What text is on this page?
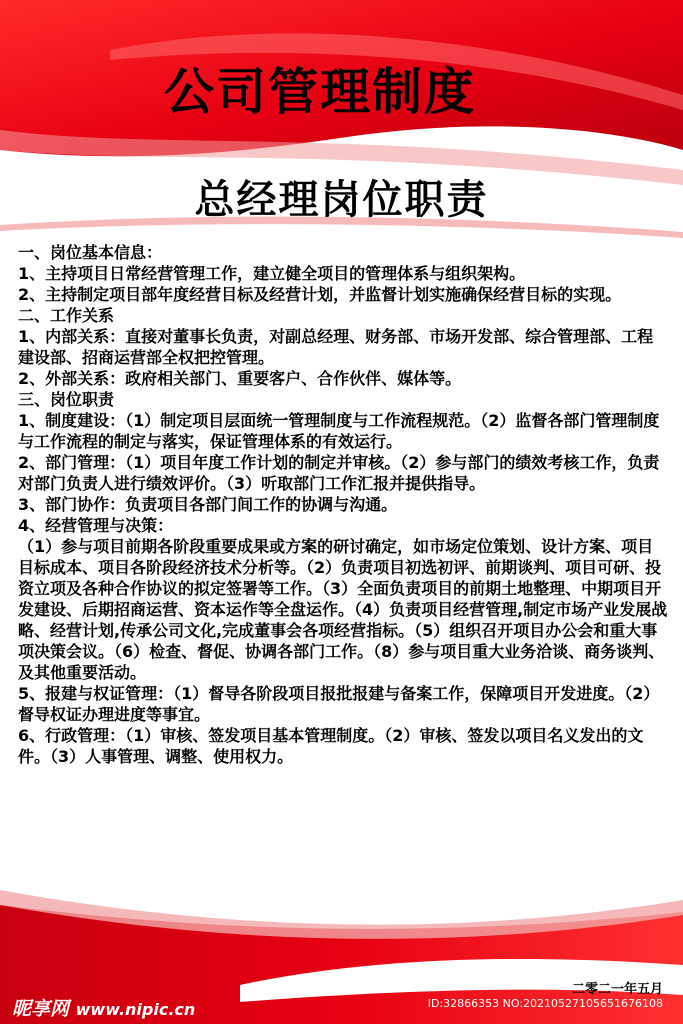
公司管理制度
总经理岗位职责

一、岗位基本信息：

1、主持项目日常经营管理工作，建立健全项目的管理体系与组织架构。

2、主持制定项目部年度经营目标及经营计划，并监督计划实施确保经营目标的实现。

二、工作关系

1、内部关系：直接对董事长负责，对副总经理、财务部、市场开发部、综合管理部、工程建设部、招商运营部全权把控管理。

2、外部关系：政府相关部门、重要客户、合作伙伴、媒体等。

三、岗位职责

1、制度建设：（1）制定项目层面统一管理制度与工作流程规范。（2）监督各部门管理制度与工作流程的制定与落实，保证管理体系的有效运行。

2、部门管理：（1）项目年度工作计划的制定并审核。（2）参与部门的绩效考核工作，负责对部门负责人进行绩效评价。（3）听取部门工作汇报并提供指导。

3、部门协作：负责项目各部门间工作的协调与沟通。

4、经营管理与决策：

（1）参与项目前期各阶段重要成果或方案的研讨确定，如市场定位策划、设计方案、项目目标成本、项目各阶段经济技术分析等。（2）负责项目初选初评、前期谈判、项目可研、投资立项及各种合作协议的拟定签署等工作。（3）全面负责项目的前期土地整理、中期项目开发建设、后期招商运营、资本运作等全盘运作。（4）负责项目经营管理,制定市场产业发展战略、经营计划,传承公司文化,完成董事会各项经营指标。（5）组织召开项目办公会和重大事项决策会议。（6）检查、督促、协调各部门工作。（8）参与项目重大业务洽谈、商务谈判、及其他重要活动。

5、报建与权证管理：（1）督导各阶段项目报批报建与备案工作，保障项目开发进度。（2）督导权证办理进度等事宜。

6、行政管理：（1）审核、签发项目基本管理制度。（2）审核、签发以项目名义发出的文件。（3）人事管理、调整、使用权力。

二零二一年五月
昵享网 www.nipic.cn	ID:32866353 NO:20210527105651676108
